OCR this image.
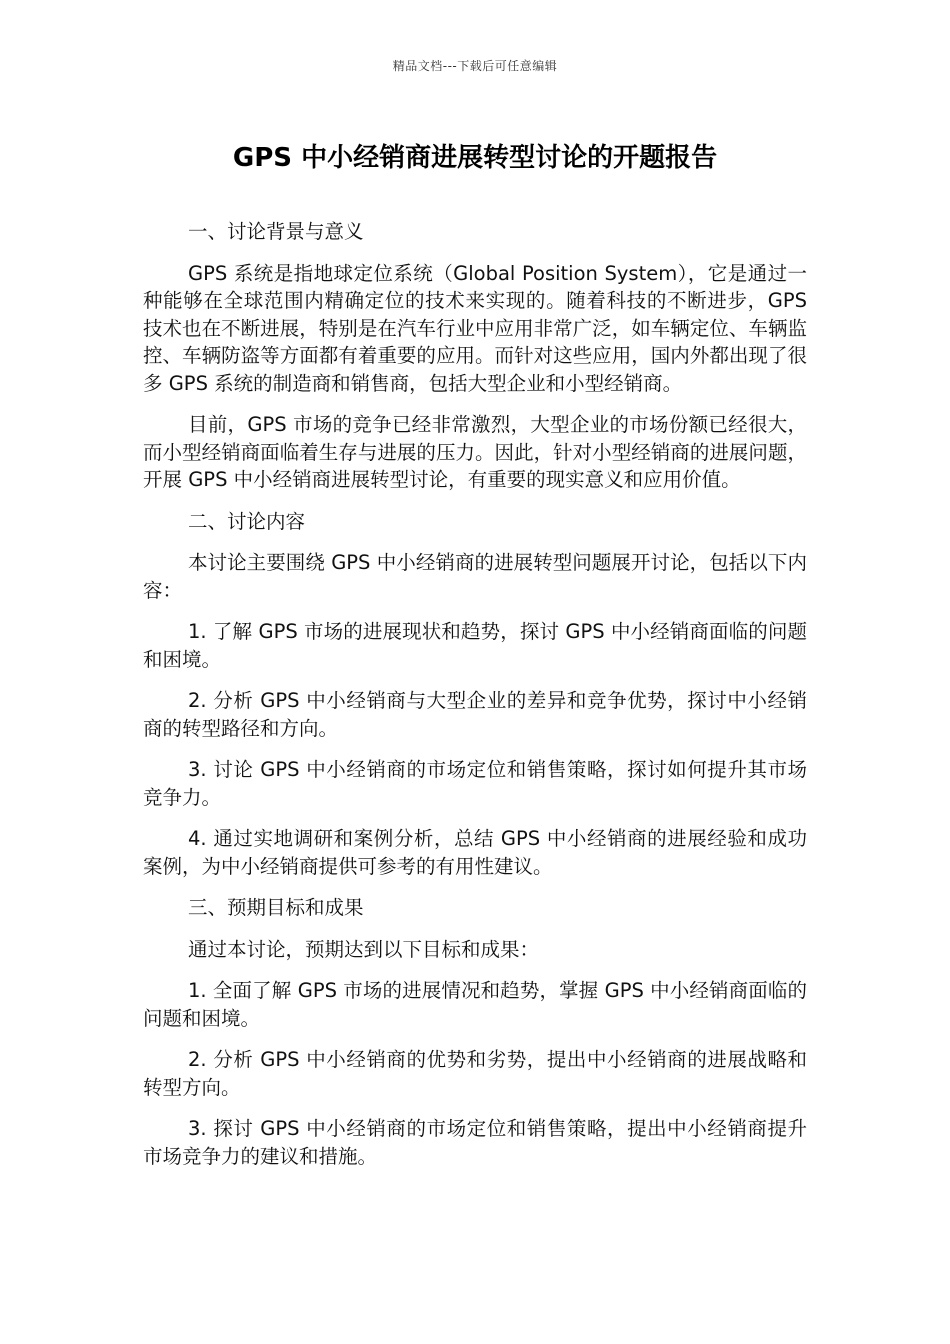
精品文档---下载后可任意编辑
GPS 中小经销商进展转型讨论的开题报告

一、讨论背景与意义

GPS 系统是指地球定位系统（Global Position System），它是通过一种能够在全球范围内精确定位的技术来实现的。随着科技的不断进步，GPS 技术也在不断进展，特别是在汽车行业中应用非常广泛，如车辆定位、车辆监控、车辆防盗等方面都有着重要的应用。而针对这些应用，国内外都出现了很多 GPS 系统的制造商和销售商，包括大型企业和小型经销商。

目前，GPS 市场的竞争已经非常激烈，大型企业的市场份额已经很大，而小型经销商面临着生存与进展的压力。因此，针对小型经销商的进展问题，开展 GPS 中小经销商进展转型讨论，有重要的现实意义和应用价值。

二、讨论内容

本讨论主要围绕 GPS 中小经销商的进展转型问题展开讨论，包括以下内容：

1. 了解 GPS 市场的进展现状和趋势，探讨 GPS 中小经销商面临的问题和困境。

2. 分析 GPS 中小经销商与大型企业的差异和竞争优势，探讨中小经销商的转型路径和方向。

3. 讨论 GPS 中小经销商的市场定位和销售策略，探讨如何提升其市场竞争力。

4. 通过实地调研和案例分析，总结 GPS 中小经销商的进展经验和成功案例，为中小经销商提供可参考的有用性建议。

三、预期目标和成果

通过本讨论，预期达到以下目标和成果：

1. 全面了解 GPS 市场的进展情况和趋势，掌握 GPS 中小经销商面临的问题和困境。

2. 分析 GPS 中小经销商的优势和劣势，提出中小经销商的进展战略和转型方向。

3. 探讨 GPS 中小经销商的市场定位和销售策略，提出中小经销商提升市场竞争力的建议和措施。
